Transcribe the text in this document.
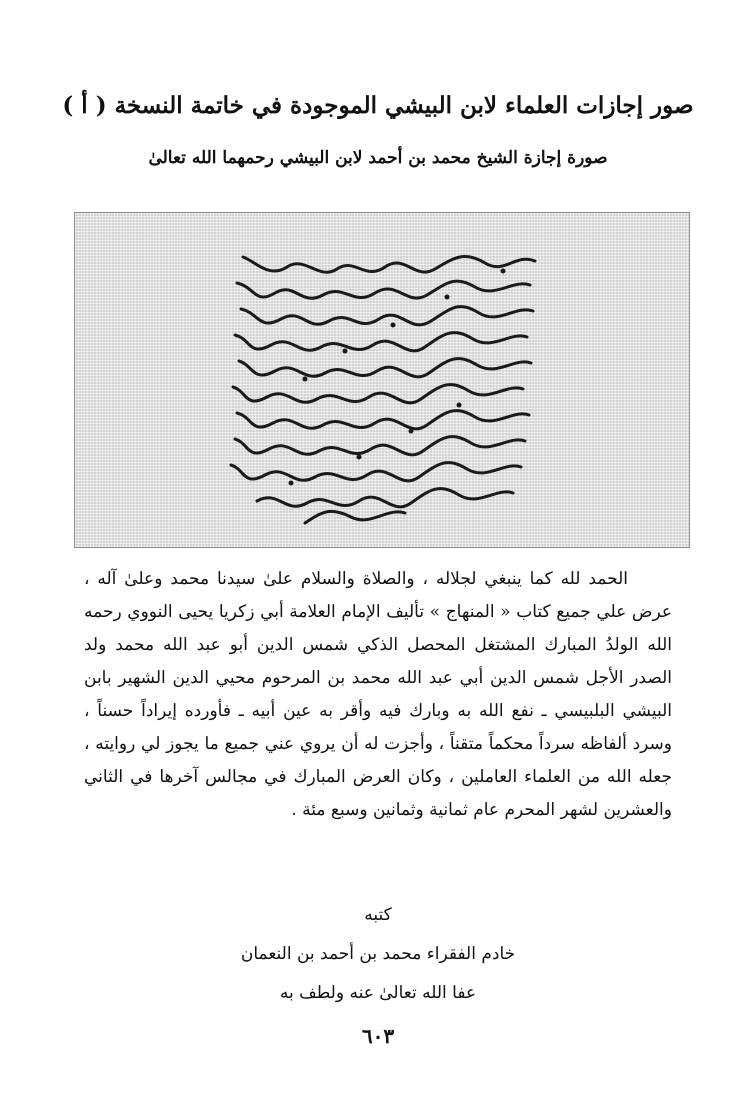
صور إجازات العلماء لابن البيشي الموجودة في خاتمة النسخة ( أ )
صورة إجازة الشيخ محمد بن أحمد لابن البيشي رحمهما الله تعالىٰ

الحمد لله كما ينبغي لجلاله ، والصلاة والسلام علىٰ سيدنا محمد وعلىٰ آله ، عرض علي جميع كتاب « المنهاج » تأليف الإمام العلامة أبي زكريا يحيى النووي رحمه الله الولدُ المبارك المشتغل المحصل الذكي شمس الدين أبو عبد الله محمد ولد الصدر الأجل شمس الدين أبي عبد الله محمد بن المرحوم محيي الدين الشهير بابن البيشي البلبيسي ـ نفع الله به وبارك فيه وأقر به عين أبيه ـ فأورده إيراداً حسناً ، وسرد ألفاظه سرداً محكماً متقناً ، وأجزت له أن يروي عني جميع ما يجوز لي روايته ، جعله الله من العلماء العاملين ، وكان العرض المبارك في مجالس آخرها في الثاني والعشرين لشهر المحرم عام ثمانية وثمانين وسبع مئة .

كتبه
خادم الفقراء محمد بن أحمد بن النعمان
عفا الله تعالىٰ عنه ولطف به
٦٠٣
